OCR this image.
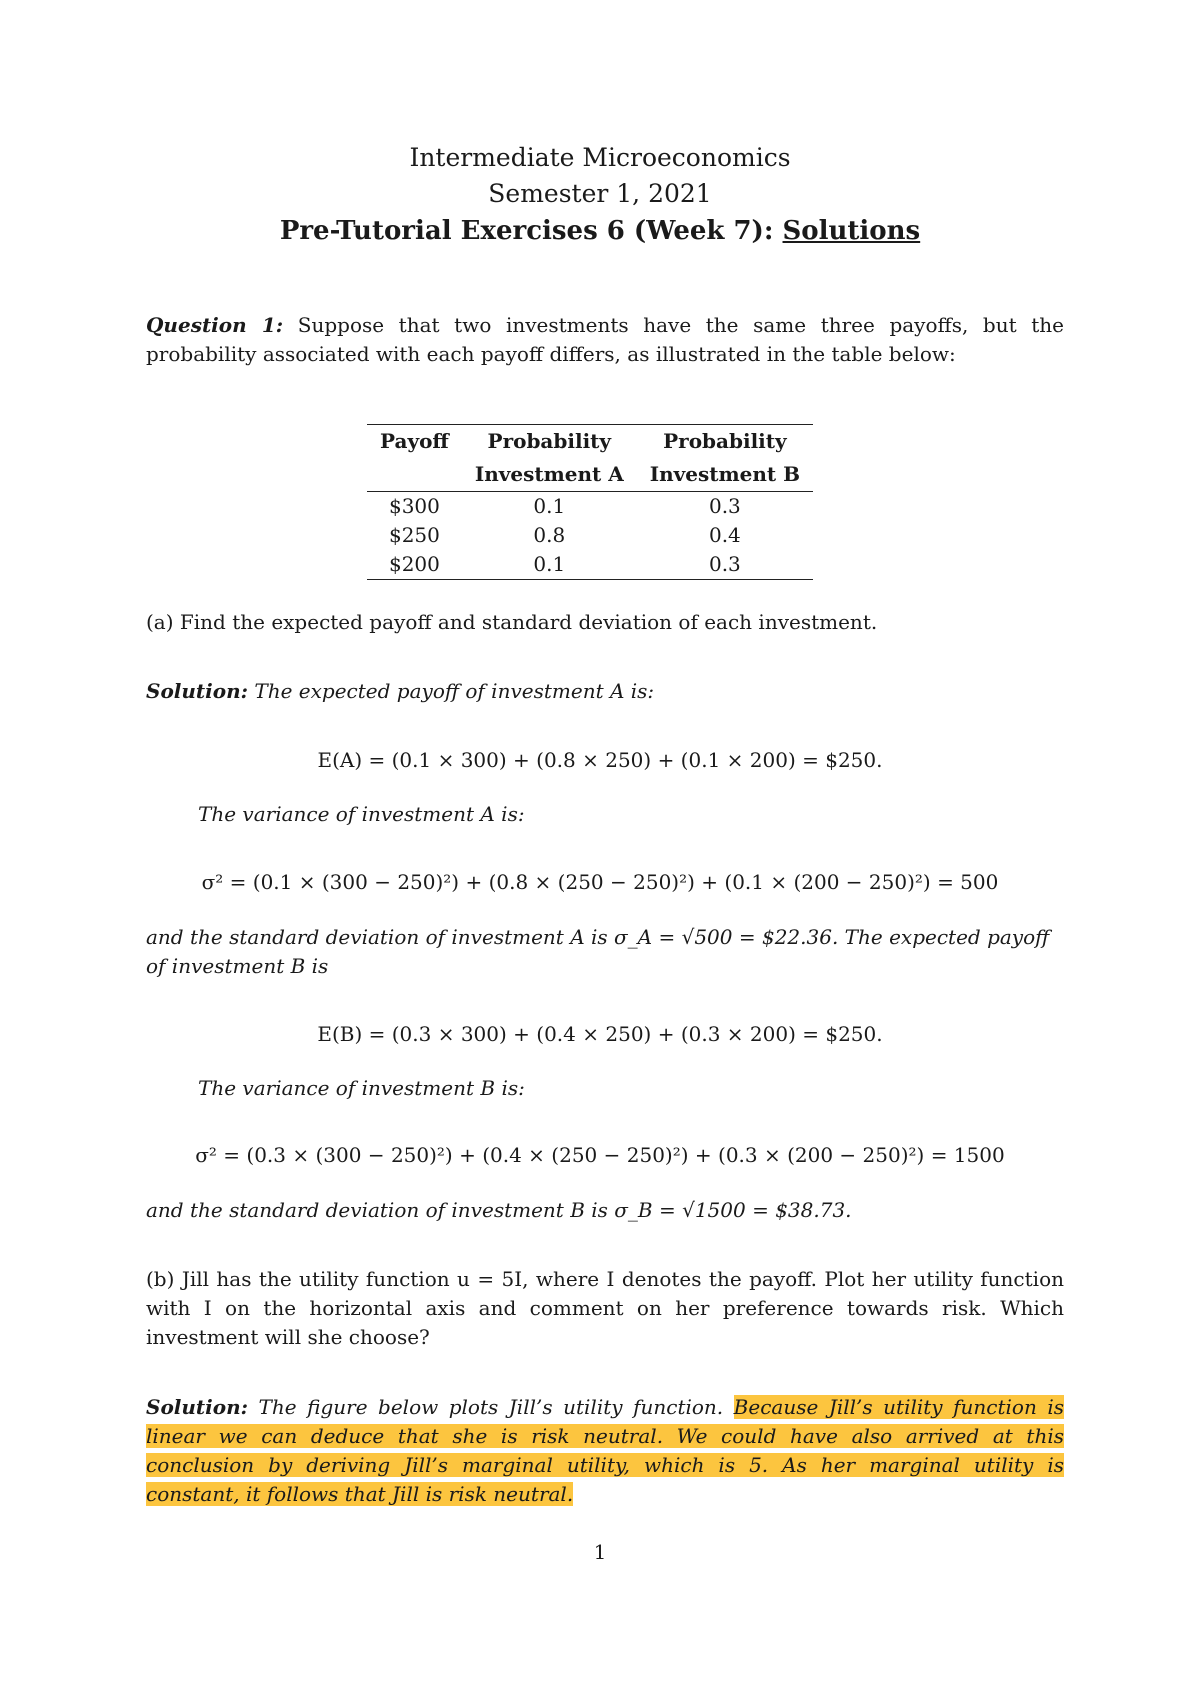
Intermediate Microeconomics
Semester 1, 2021
Pre-Tutorial Exercises 6 (Week 7): Solutions
Question 1: Suppose that two investments have the same three payoffs, but the probability associated with each payoff differs, as illustrated in the table below:
Payoff	Probability	Probability
	Investment A	Investment B
$300	0.1	0.3
$250	0.8	0.4
$200	0.1	0.3
(a) Find the expected payoff and standard deviation of each investment.
Solution: The expected payoff of investment A is:
E(A) = (0.1 × 300) + (0.8 × 250) + (0.1 × 200) = $250.
The variance of investment A is:
σ² = (0.1 × (300 − 250)²) + (0.8 × (250 − 250)²) + (0.1 × (200 − 250)²) = 500
and the standard deviation of investment A is σ_A = √500 = $22.36. The expected payoff of investment B is
E(B) = (0.3 × 300) + (0.4 × 250) + (0.3 × 200) = $250.
The variance of investment B is:
σ² = (0.3 × (300 − 250)²) + (0.4 × (250 − 250)²) + (0.3 × (200 − 250)²) = 1500
and the standard deviation of investment B is σ_B = √1500 = $38.73.
(b) Jill has the utility function u = 5I, where I denotes the payoff. Plot her utility function with I on the horizontal axis and comment on her preference towards risk. Which investment will she choose?
Solution: The figure below plots Jill’s utility function. Because Jill’s utility function is linear we can deduce that she is risk neutral. We could have also arrived at this conclusion by deriving Jill’s marginal utility, which is 5. As her marginal utility is constant, it follows that Jill is risk neutral.
1
